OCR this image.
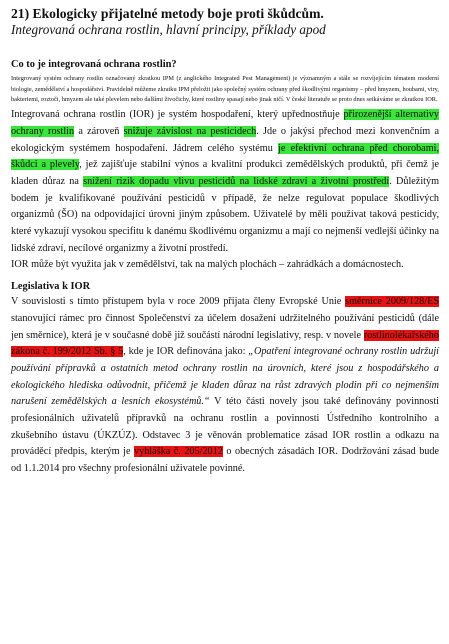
21) Ekologicky přijatelné metody boje proti škůdcům.
Integrovaná ochrana rostlin, hlavní principy, příklady apod
Co to je integrovaná ochrana rostlin?

Integrovaný systém ochrany rostlin označovaný zkratkou IPM (z anglického Integrated Pest Management) je významným a stále se rozvíjejícím tématem moderní biologie, zemědělství a hospodářství. Pravidelně můžeme zkratku IPM přeložit jako společný systém ochrany před škodlivými organismy – před hmyzem, houbami, viry, bakteriemi, roztoči, hmyzem ale také plevelem nebo dalšími živočichy, které rostliny spasají nebo jinak ničí. V české literatuře se proto dnes setkáváme se zkratkou IOR.

Integrovaná ochrana rostlin (IOR) je systém hospodaření, který upřednostňuje přirozenější alternativy ochrany rostlin a zároveň snižuje závislost na pesticidech. Jde o jakýsi přechod mezi konvenčním a ekologickým systémem hospodaření. Jádrem celého systému je efektivní ochrana před chorobami, škůdci a plevely, jež zajišťuje stabilní výnos a kvalitní produkci zemědělských produktů, při čemž je kladen důraz na snížení rizik dopadu vlivu pesticidů na lidské zdraví a životní prostředí. Důležitým bodem je kvalifikované používání pesticidů v případě, že nelze regulovat populace škodlivých organizmů (ŠO) na odpovídající úrovni jiným způsobem. Uživatelé by měli používat taková pesticidy, které vykazují vysokou specifitu k danému škodlivému organizmu a mají co nejmenší vedlejší účinky na lidské zdraví, necílové organizmy a životní prostředí.

IOR může být využita jak v zemědělství, tak na malých plochách – zahrádkách a domácnostech.

Legislativa k IOR

V souvislosti s tímto přístupem byla v roce 2009 přijata členy Evropské Unie směrnice 2009/128/ES stanovující rámec pro činnost Společenství za účelem dosažení udržitelného používání pesticidů (dále jen směrnice), která je v současné době již součástí národní legislativy, resp. v novele rostlinolékařského zákona č. 199/2012 Sb. § 5, kde je IOR definována jako: „Opatření integrované ochrany rostlin udržují používání přípravků a ostatních metod ochrany rostlin na úrovních, které jsou z hospodářského a ekologického hlediska odůvodnit, přičemž je kladen důraz na růst zdravých plodin při co nejmenším narušení zemědělských a lesních ekosystémů.“ V této části novely jsou také definovány povinnosti profesionálních uživatelů přípravků na ochranu rostlin a povinnosti Ústředního kontrolního a zkušebního ústavu (ÚKZÚZ). Odstavec 3 je věnován problematice zásad IOR rostlin a odkazu na prováděcí předpis, kterým je vyhláška č. 205/2012 o obecných zásadách IOR. Dodržování zásad bude od 1.1.2014 pro všechny profesionální uživatele povinné.
